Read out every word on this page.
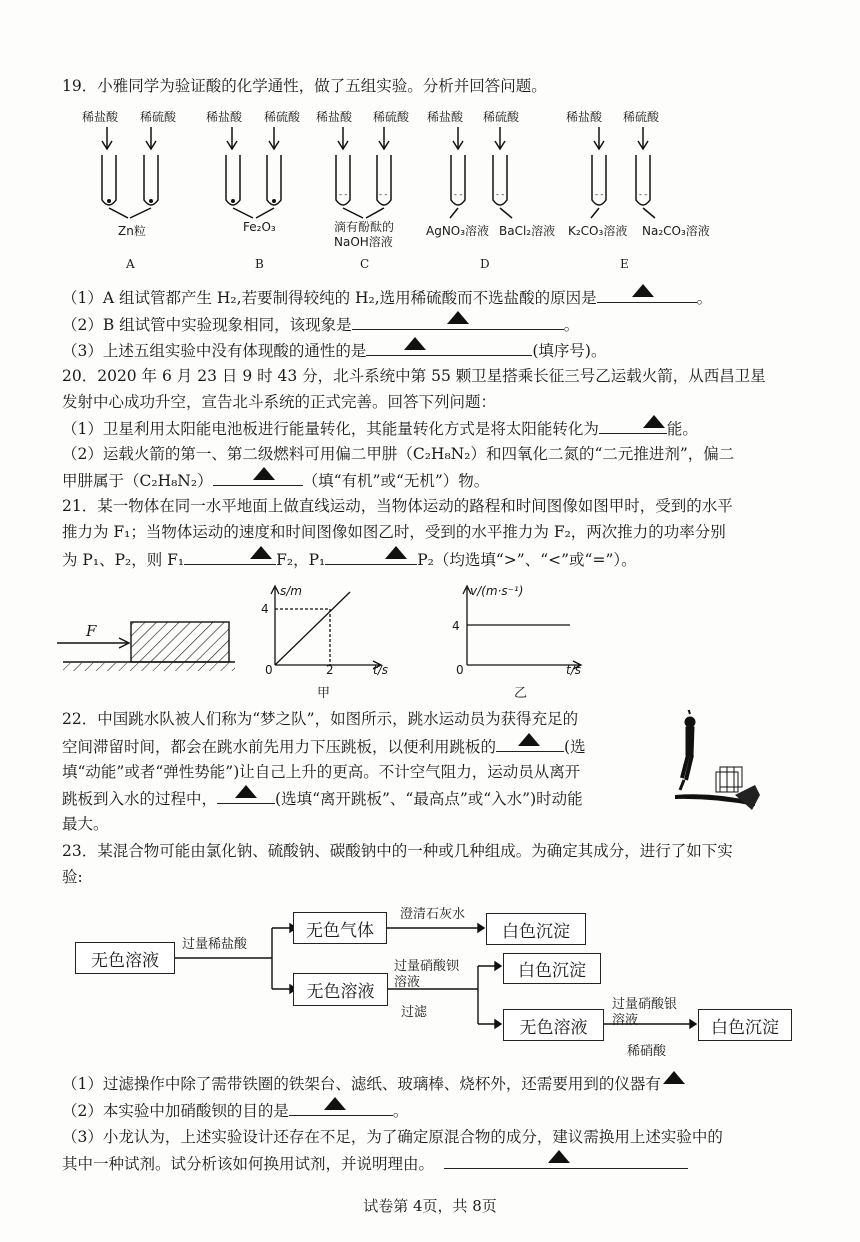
19．小雅同学为验证酸的化学通性，做了五组实验。分析并回答问题。
- -	- -	- -	- -	- -	- -
稀盐酸 稀硫酸 稀盐酸 稀硫酸 稀盐酸 稀硫酸 稀盐酸 稀硫酸	稀盐酸 稀硫酸
Zn粒	Fe₂O₃	滴有酚酞的
NaOH溶液
AgNO₃溶液 BaCl₂溶液 K₂CO₃溶液 Na₂CO₃溶液
A	B	C	D	E
（1）A 组试管都产生 H₂,若要制得较纯的 H₂,选用稀硫酸而不选盐酸的原因是	。
（2）B 组试管中实验现象相同，该现象是	。
（3）上述五组实验中没有体现酸的通性的是	(填序号)。
20．2020 年 6 月 23 日 9 时 43 分，北斗系统中第 55 颗卫星搭乘长征三号乙运载火箭，从西昌卫星
发射中心成功升空，宣告北斗系统的正式完善。回答下列问题：
（1）卫星利用太阳能电池板进行能量转化，其能量转化方式是将太阳能转化为	能。
（2）运载火箭的第一、第二级燃料可用偏二甲肼（C₂H₈N₂）和四氧化二氮的“二元推进剂”，偏二
甲肼属于（C₂H₈N₂）	（填“有机”或“无机”）物。
21．某一物体在同一水平地面上做直线运动，当物体运动的路程和时间图像如图甲时，受到的水平
推力为 F₁；当物体运动的速度和时间图像如图乙时，受到的水平推力为 F₂，两次推力的功率分别
为 P₁、P₂，则 F₁	F₂，P₁	P₂（均选填“>”、“<”或“=”）。
F
s/m
4
0	2	t/s
甲
v/(m·s⁻¹)
4
0	t/s
乙
22．中国跳水队被人们称为“梦之队”，如图所示，跳水运动员为获得充足的
空间滞留时间，都会在跳水前先用力下压跳板，以便利用跳板的	(选
填“动能”或者“弹性势能”)让自己上升的更高。不计空气阻力，运动员从离开
跳板到入水的过程中，	(选填“离开跳板”、“最高点”或“入水”)时动能
最大。
23．某混合物可能由氯化钠、硫酸钠、碳酸钠中的一种或几种组成。为确定其成分，进行了如下实
验:
无色溶液
无色气体	白色沉淀
无色溶液
白色沉淀
无色溶液	白色沉淀
过量稀盐酸
澄清石灰水
过量硝酸钡
溶液
过滤
过量硝酸银
溶液
稀硝酸
（1）过滤操作中除了需带铁圈的铁架台、滤纸、玻璃棒、烧杯外，还需要用到的仪器有
（2）本实验中加硝酸钡的目的是	。
（3）小龙认为，上述实验设计还存在不足，为了确定原混合物的成分，建议需换用上述实验中的
其中一种试剂。试分析该如何换用试剂，并说明理由。
试卷第 4页，共 8页
